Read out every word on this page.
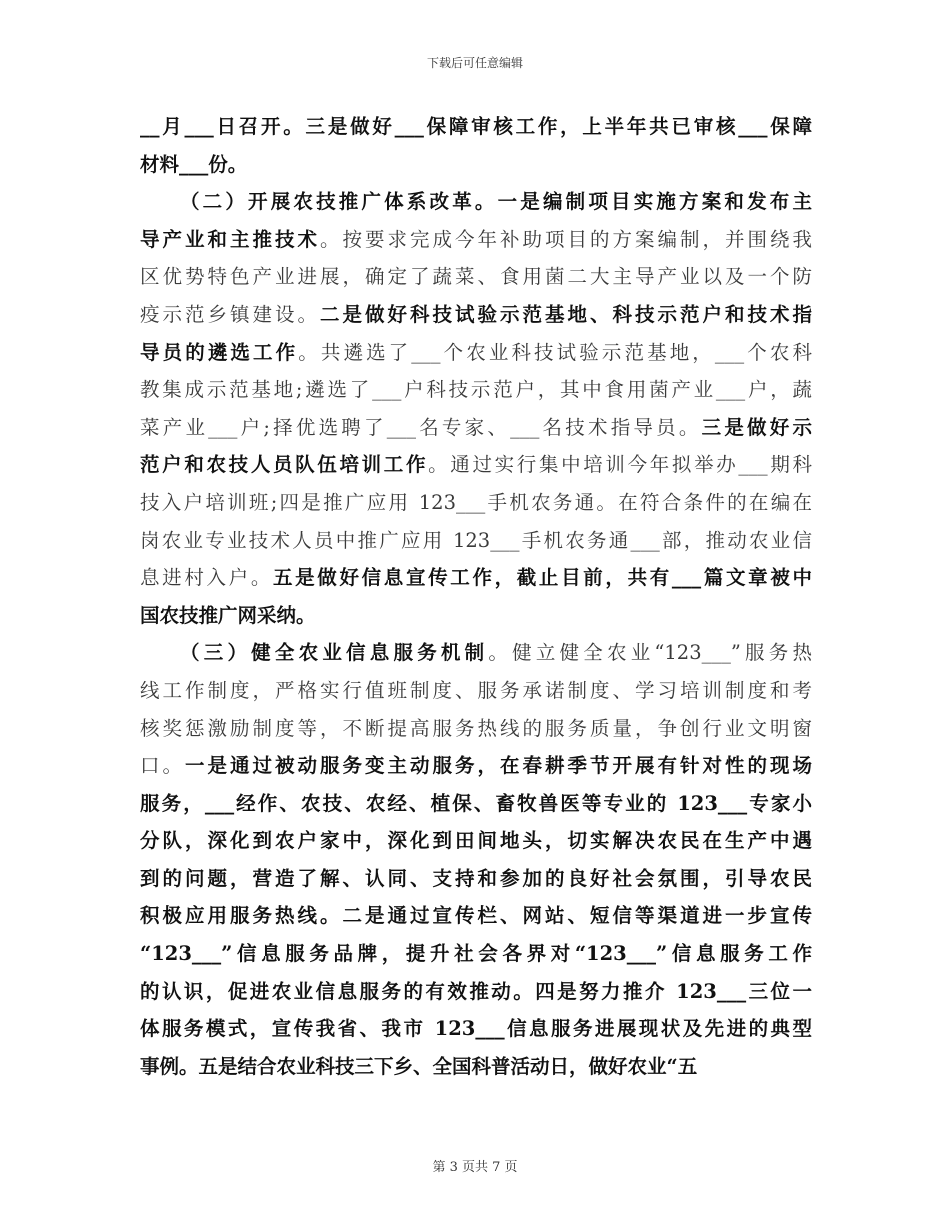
下载后可任意编辑
__月___日召开。三是做好___保障审核工作，上半年共已审核___保障
材料___份。
（二）开展农技推广体系改革。一是编制项目实施方案和发布主
导产业和主推技术。按要求完成今年补助项目的方案编制，并围绕我
区优势特色产业进展，确定了蔬菜、食用菌二大主导产业以及一个防
疫示范乡镇建设。二是做好科技试验示范基地、科技示范户和技术指
导员的遴选工作。共遴选了___个农业科技试验示范基地，___个农科
教集成示范基地;遴选了___户科技示范户，其中食用菌产业___户，蔬
菜产业___户;择优选聘了___名专家、___名技术指导员。三是做好示
范户和农技人员队伍培训工作。通过实行集中培训今年拟举办___期科
技入户培训班;四是推广应用 123___手机农务通。在符合条件的在编在
岗农业专业技术人员中推广应用 123___手机农务通___部，推动农业信
息进村入户。五是做好信息宣传工作，截止目前，共有___篇文章被中
国农技推广网采纳。
（三）健全农业信息服务机制。健立健全农业“123___”服务热
线工作制度，严格实行值班制度、服务承诺制度、学习培训制度和考
核奖惩激励制度等，不断提高服务热线的服务质量，争创行业文明窗
口。一是通过被动服务变主动服务，在春耕季节开展有针对性的现场
服务，___经作、农技、农经、植保、畜牧兽医等专业的 123___专家小
分队，深化到农户家中，深化到田间地头，切实解决农民在生产中遇
到的问题，营造了解、认同、支持和参加的良好社会氛围，引导农民
积极应用服务热线。二是通过宣传栏、网站、短信等渠道进一步宣传
“123___”信息服务品牌，提升社会各界对“123___”信息服务工作
的认识，促进农业信息服务的有效推动。四是努力推介 123___三位一
体服务模式，宣传我省、我市 123___信息服务进展现状及先进的典型
事例。五是结合农业科技三下乡、全国科普活动日，做好农业“五
第 3 页共 7 页
